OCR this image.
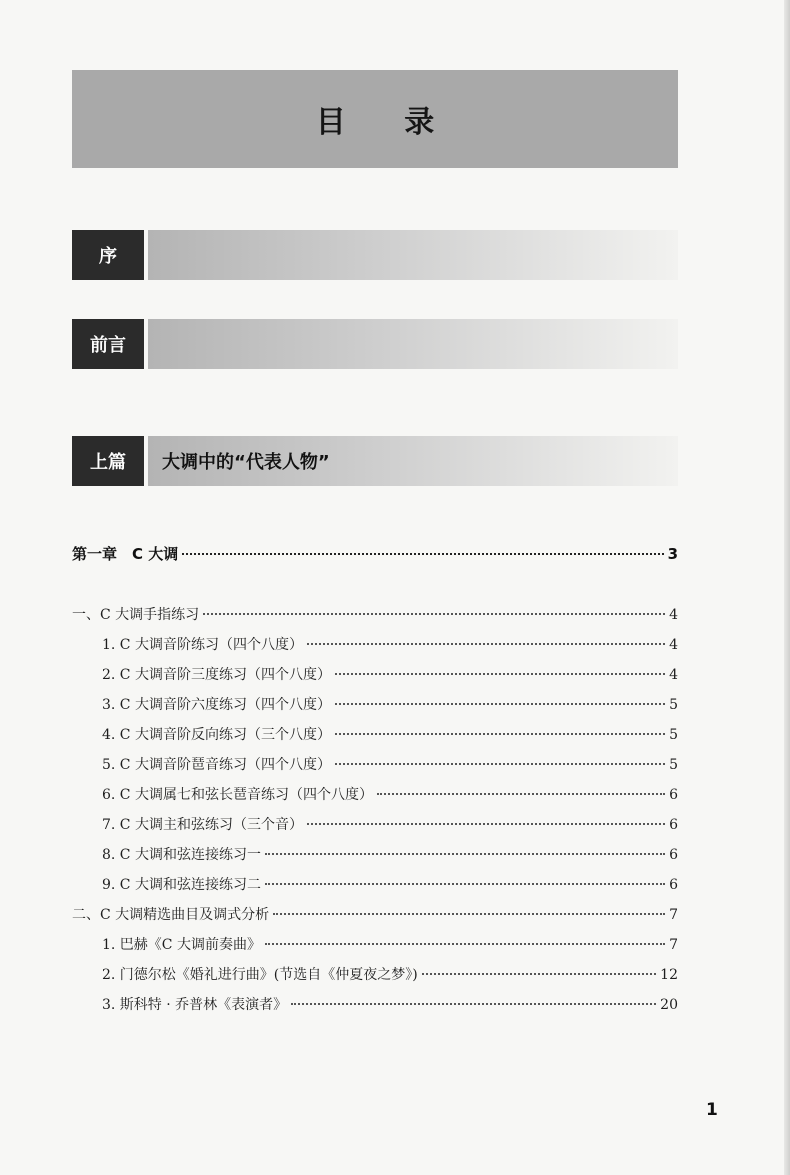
目 录
序
前言
上篇	大调中的“代表人物”
第一章　C 大调	3
一、C 大调手指练习	4
1. C 大调音阶练习（四个八度）	4
2. C 大调音阶三度练习（四个八度）	4
3. C 大调音阶六度练习（四个八度）	5
4. C 大调音阶反向练习（三个八度）	5
5. C 大调音阶琶音练习（四个八度）	5
6. C 大调属七和弦长琶音练习（四个八度）	6
7. C 大调主和弦练习（三个音）	6
8. C 大调和弦连接练习一	6
9. C 大调和弦连接练习二	6
二、C 大调精选曲目及调式分析	7
1. 巴赫《C 大调前奏曲》	7
2. 门德尔松《婚礼进行曲》(节选自《仲夏夜之梦》)	12
3. 斯科特 · 乔普林《表演者》	20
1
